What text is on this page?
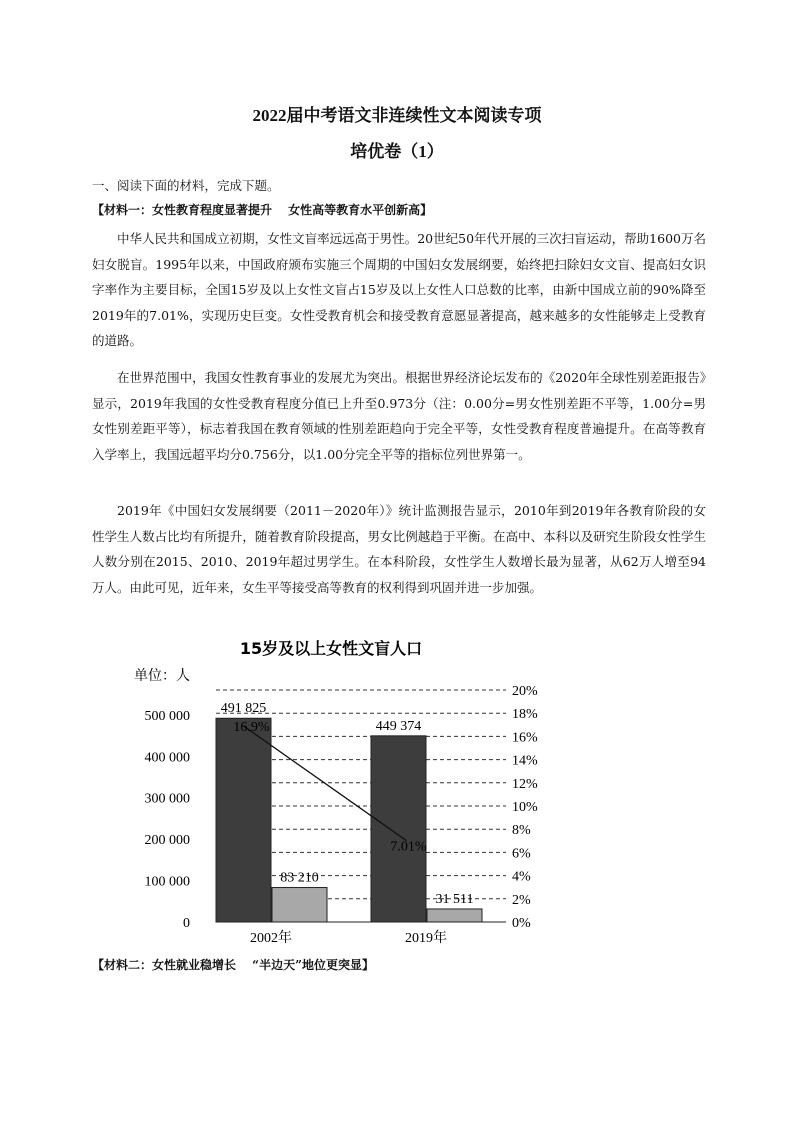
2022届中考语文非连续性文本阅读专项
培优卷（1）
一、阅读下面的材料，完成下题。
【材料一：女性教育程度显著提升　 女性高等教育水平创新高】
中华人民共和国成立初期，女性文盲率远远高于男性。20世纪50年代开展的三次扫盲运动，帮助1600万名妇女脱盲。1995年以来，中国政府颁布实施三个周期的中国妇女发展纲要，始终把扫除妇女文盲、提高妇女识字率作为主要目标，全国15岁及以上女性文盲占15岁及以上女性人口总数的比率，由新中国成立前的90%降至2019年的7.01%，实现历史巨变。女性受教育机会和接受教育意愿显著提高，越来越多的女性能够走上受教育的道路。
在世界范围中，我国女性教育事业的发展尤为突出。根据世界经济论坛发布的《2020年全球性别差距报告》显示，2019年我国的女性受教育程度分值已上升至0.973分（注：0.00分=男女性别差距不平等，1.00分=男女性别差距平等），标志着我国在教育领域的性别差距趋向于完全平等，女性受教育程度普遍提升。在高等教育入学率上，我国远超平均分0.756分，以1.00分完全平等的指标位列世界第一。
2019年《中国妇女发展纲要（2011－2020年）》统计监测报告显示，2010年到2019年各教育阶段的女性学生人数占比均有所提升，随着教育阶段提高，男女比例越趋于平衡。在高中、本科以及研究生阶段女性学生人数分别在2015、2010、2019年超过男学生。在本科阶段，女性学生人数增长最为显著，从62万人增至94万人。由此可见，近年来，女生平等接受高等教育的权利得到巩固并进一步加强。
15岁及以上女性文盲人口
单位：人
0
100 000
200 000
300 000
400 000
500 000
0%
2%
4%
6%
8%
10%
12%
14%
16%
18%
20%
2002年	2019年
491 825
83 210
449 374
31 511
16.9%
7.01%
【材料二：女性就业稳增长　 “半边天”地位更突显】
